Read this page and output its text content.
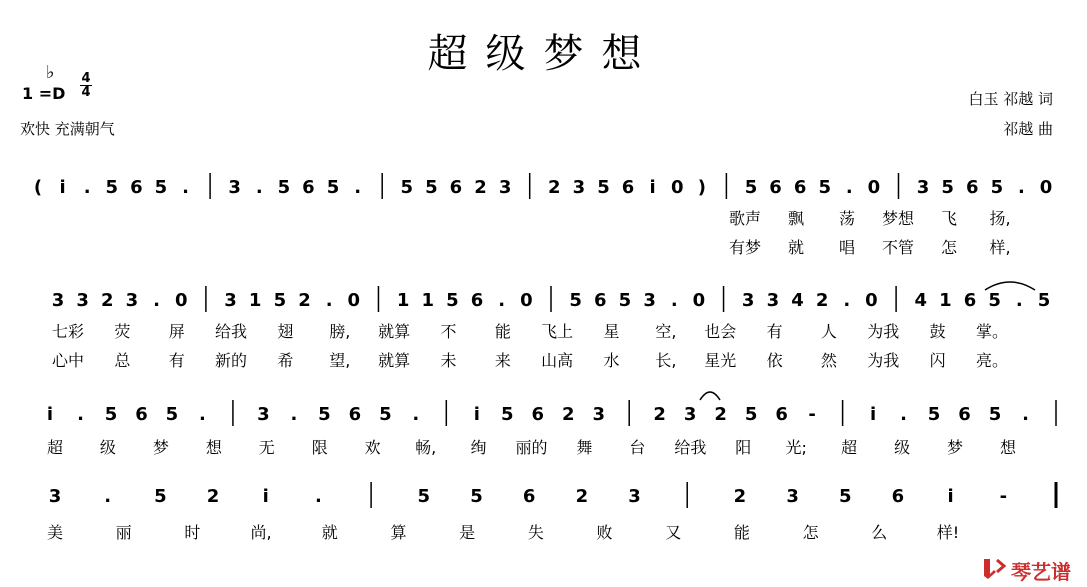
超级梦想
♭
1 =D
4
4
欢快 充满朝气
白玉 祁越 词
祁越 曲
( i . 5 6 5 . 3 . 5 6 5 . 5 5 6 2 3 2 3 5 6 i 0 ) 5 6 6 5 . 0 3 5 6 5 . 0
歌声 飘 荡 梦想 飞 扬,
有梦 就 唱 不管 怎 样,
3 3 2 3 . 0 3 1 5 2 . 0 1 1 5 6 . 0 5 6 5 3 . 0 3 3 4 2 . 0 4 1 6 5 . 5
七彩 荧 屏 给我 翅 膀, 就算 不 能 飞上 星 空, 也会 有 人 为我 鼓 掌。
心中 总 有 新的 希 望, 就算 未 来 山高 水 长, 星光 依 然 为我 闪 亮。
i . 5 6 5 .	3 . 5 6 5 .	i 5 6 2 3	2 3 2 5 6 -	i . 5 6 5 .
超 级 梦 想 无 限 欢 畅, 绚 丽的 舞 台 给我 阳 光; 超 级 梦 想
3 . 5 2 i	.	5 5 6 2 3	2 3 5 6 i	-
美	丽	时	尚,	就	算	是	失	败	又	能	怎	么	样!
琴艺谱
